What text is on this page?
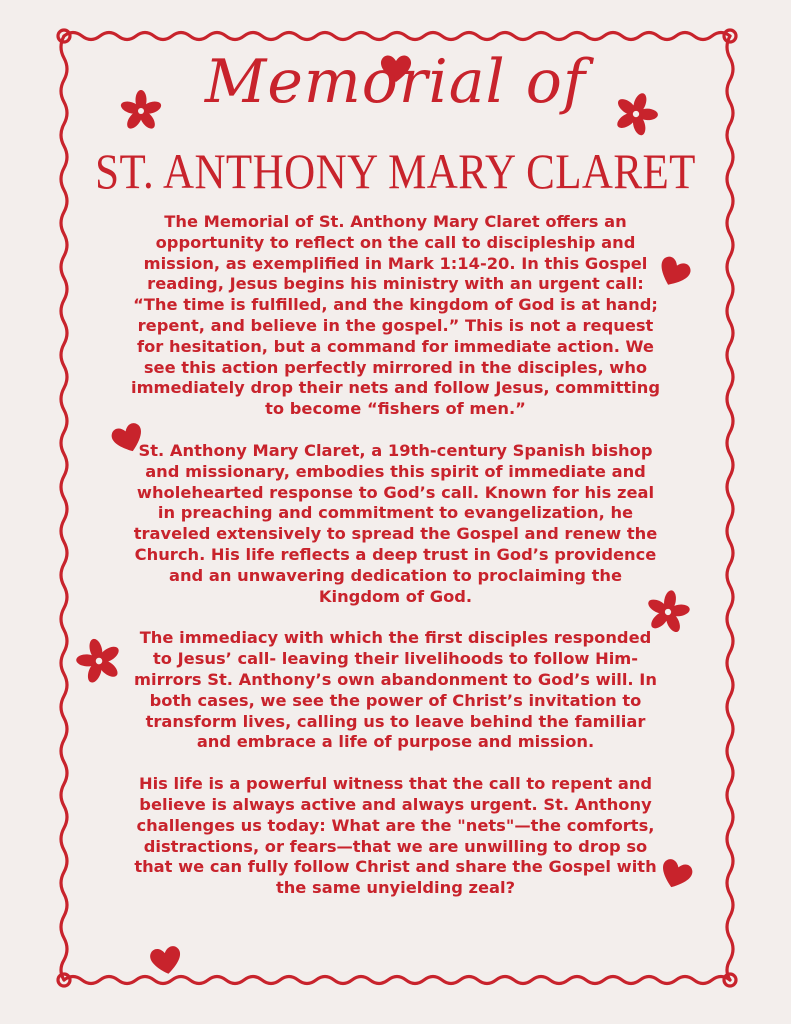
Memorial of
ST. ANTHONY MARY CLARET

The Memorial of St. Anthony Mary Claret offers an opportunity to reflect on the call to discipleship and mission, as exemplified in Mark 1:14-20. In this Gospel reading, Jesus begins his ministry with an urgent call: “The time is fulfilled, and the kingdom of God is at hand; repent, and believe in the gospel.” This is not a request for hesitation, but a command for immediate action. We see this action perfectly mirrored in the disciples, who immediately drop their nets and follow Jesus, committing to become “fishers of men.”

St. Anthony Mary Claret, a 19th-century Spanish bishop and missionary, embodies this spirit of immediate and wholehearted response to God’s call. Known for his zeal in preaching and commitment to evangelization, he traveled extensively to spread the Gospel and renew the Church. His life reflects a deep trust in God’s providence and an unwavering dedication to proclaiming the Kingdom of God.

The immediacy with which the first disciples responded to Jesus’ call- leaving their livelihoods to follow Him- mirrors St. Anthony’s own abandonment to God’s will. In both cases, we see the power of Christ’s invitation to transform lives, calling us to leave behind the familiar and embrace a life of purpose and mission.

His life is a powerful witness that the call to repent and believe is always active and always urgent. St. Anthony challenges us today: What are the "nets"—the comforts, distractions, or fears—that we are unwilling to drop so that we can fully follow Christ and share the Gospel with the same unyielding zeal?
